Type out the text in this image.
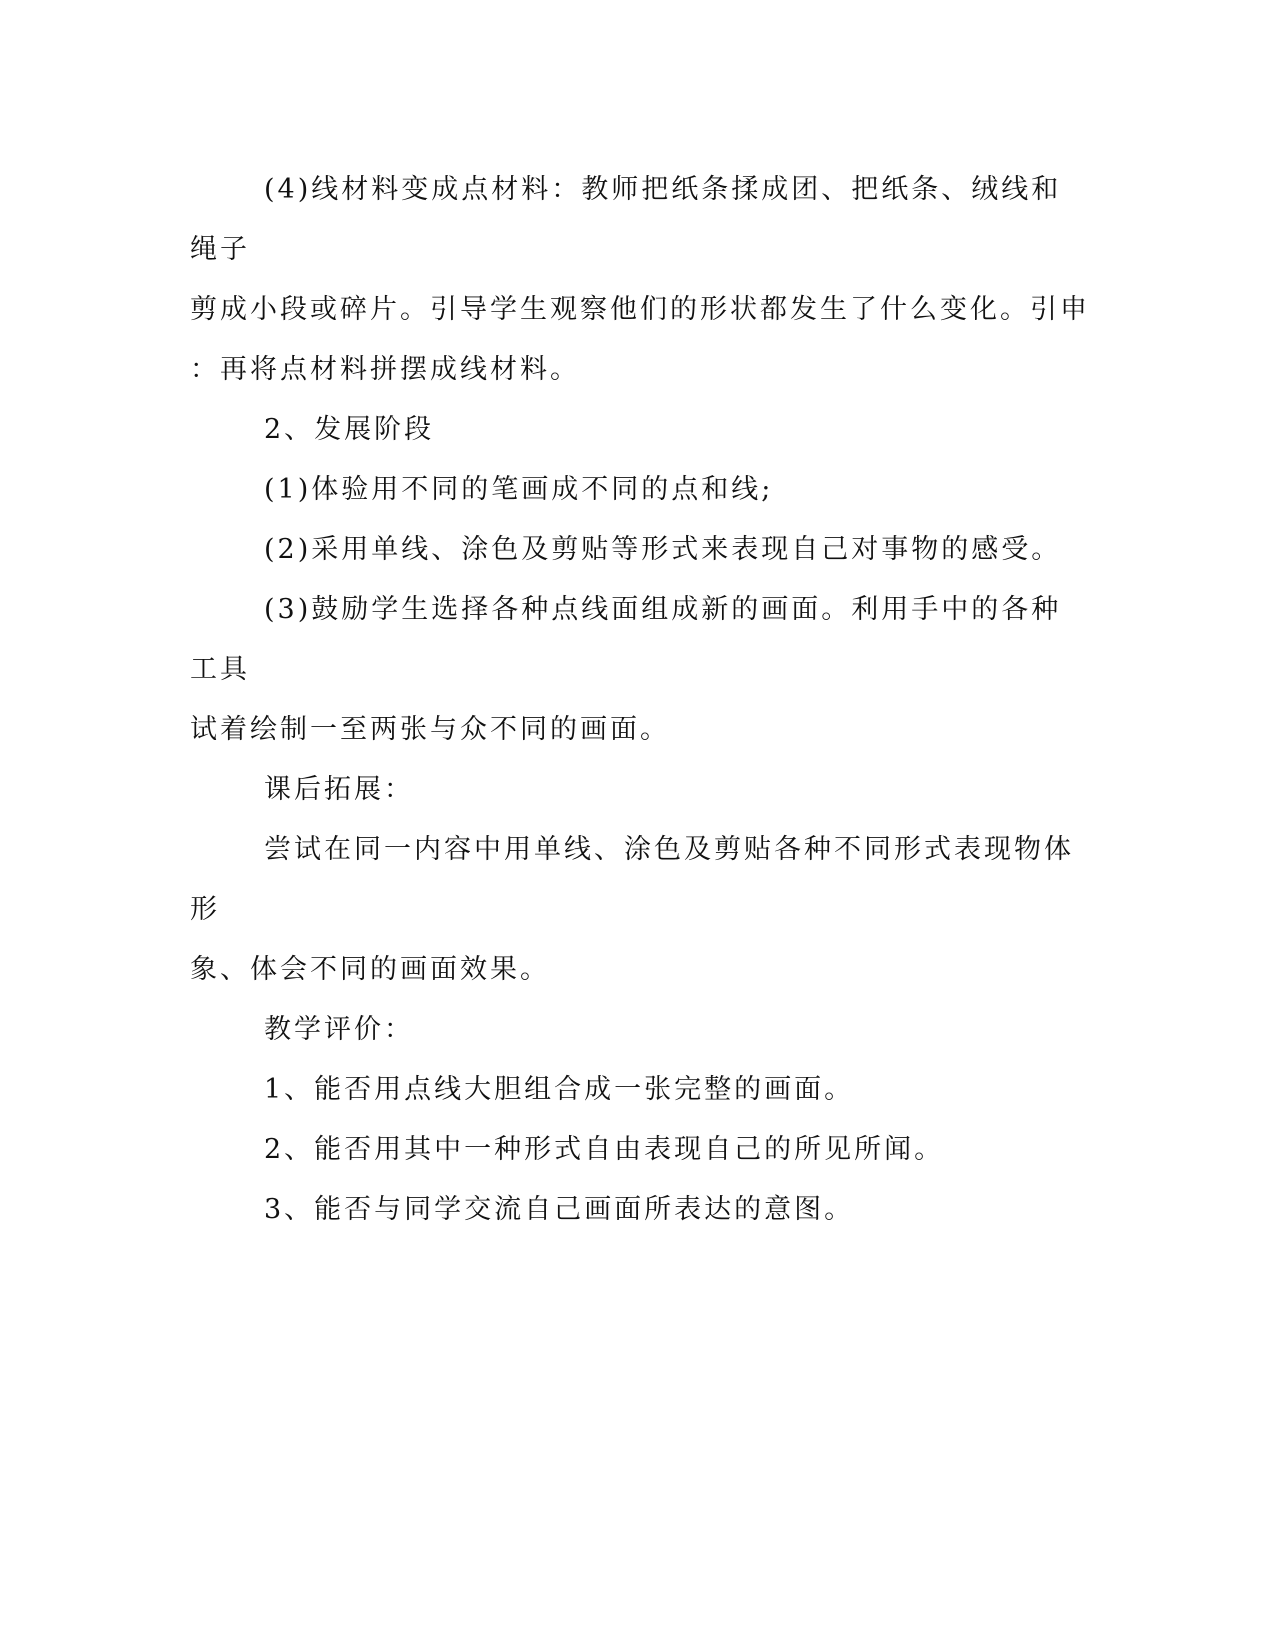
(4)线材料变成点材料：教师把纸条揉成团、把纸条、绒线和绳子
剪成小段或碎片。引导学生观察他们的形状都发生了什么变化。引申
：再将点材料拼摆成线材料。

2、发展阶段

(1)体验用不同的笔画成不同的点和线;

(2)采用单线、涂色及剪贴等形式来表现自己对事物的感受。

(3)鼓励学生选择各种点线面组成新的画面。利用手中的各种工具
试着绘制一至两张与众不同的画面。

课后拓展：

尝试在同一内容中用单线、涂色及剪贴各种不同形式表现物体形
象、体会不同的画面效果。

教学评价：

1、能否用点线大胆组合成一张完整的画面。

2、能否用其中一种形式自由表现自己的所见所闻。

3、能否与同学交流自己画面所表达的意图。
